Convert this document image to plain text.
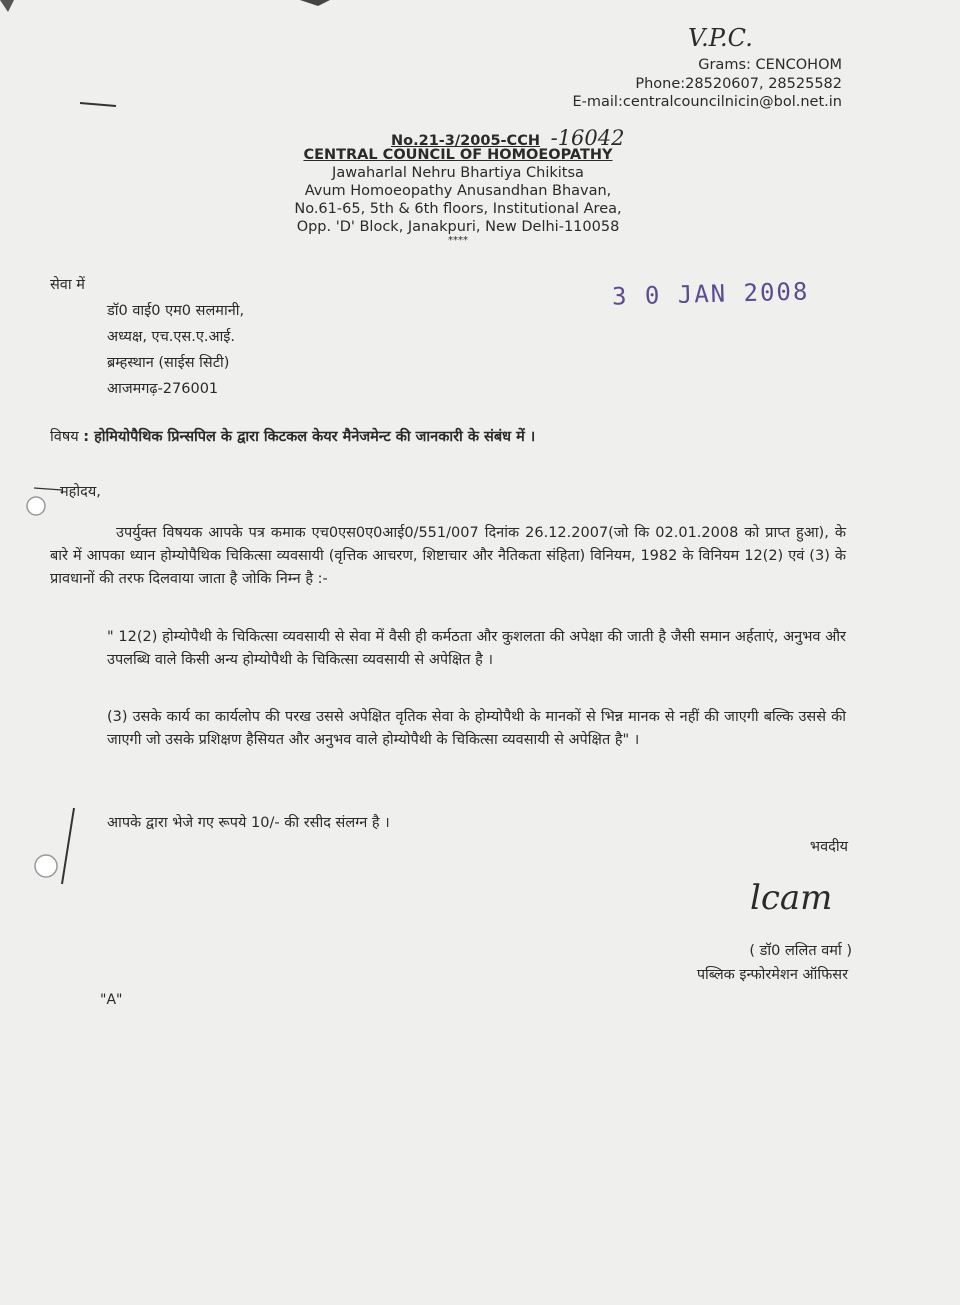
V.P.C.
Grams: CENCOHOM
Phone:28520607, 28525582
E-mail:centralcouncilnicin@bol.net.in
No.21-3/2005-CCH -16042
CENTRAL COUNCIL OF HOMOEOPATHY
Jawaharlal Nehru Bhartiya Chikitsa
Avum Homoeopathy Anusandhan Bhavan,
No.61-65, 5th & 6th floors, Institutional Area,
Opp. 'D' Block, Janakpuri, New Delhi-110058
****
3 0 JAN 2008
सेवा में
डॉ0 वाई0 एम0 सलमानी,
अध्यक्ष, एच.एस.ए.आई.
ब्रम्हस्थान (साईस सिटी)
आजमगढ़-276001
विषय : होमियोपैथिक प्रिन्सपिल के द्वारा किटकल केयर मैनेजमेन्ट की जानकारी के संबंध में ।
महोदय,
उपर्युक्त विषयक आपके पत्र कमाक एच0एस0ए0आई0/551/007 दिनांक 26.12.2007(जो कि 02.01.2008 को प्राप्त हुआ), के बारे में आपका ध्यान होम्योपैथिक चिकित्सा व्यवसायी (वृत्तिक आचरण, शिष्टाचार और नैतिकता संहिता) विनियम, 1982 के विनियम 12(2) एवं (3) के प्रावधानों की तरफ दिलवाया जाता है जोकि निम्न है :-
" 12(2) होम्योपैथी के चिकित्सा व्यवसायी से सेवा में वैसी ही कर्मठता और कुशलता की अपेक्षा की जाती है जैसी समान अर्हताएं, अनुभव और उपलब्धि वाले किसी अन्य होम्योपैथी के चिकित्सा व्यवसायी से अपेक्षित है ।
(3) उसके कार्य का कार्यलोप की परख उससे अपेक्षित वृतिक सेवा के होम्योपैथी के मानकों से भिन्न मानक से नहीं की जाएगी बल्कि उससे की जाएगी जो उसके प्रशिक्षण हैसियत और अनुभव वाले होम्योपैथी के चिकित्सा व्यवसायी से अपेक्षित है" ।
आपके द्वारा भेजे गए रूपये 10/- की रसीद संलग्न है ।
भवदीय
lcam
( डॉ0 ललित वर्मा )
पब्लिक इन्फोरमेशन ऑफिसर
"A"
